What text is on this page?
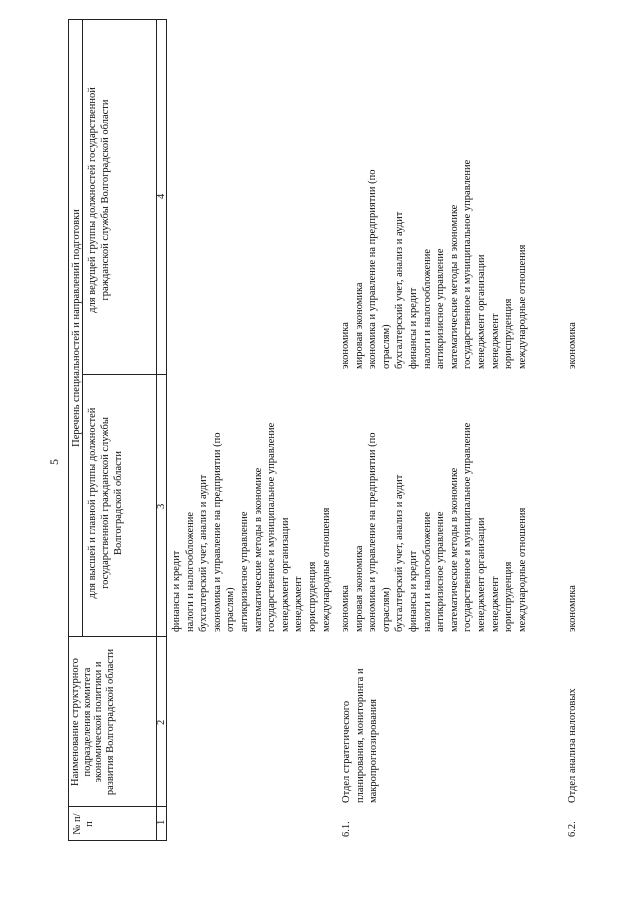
5
№ п/п
Наименование структурного подразделения комитета экономической политики и развития Волгоградской области
Перечень специальностей и направлений подготовки
для высшей и главной группы должностей государственной гражданской службы Волгоградской области
для ведущей группы должностей государственной гражданской службы Волгоградской области
1
2
3
4
финансы и кредит налоги и налогообложение бухгалтерский учет, анализ и аудит экономика и управление на предприятии (по отраслям) антикризисное управление математические методы в экономике государственное и муниципальное управление менеджмент организации менеджмент юриспруденция международные отношения
6.1.
Отдел стратегического планирования, мониторинга и макропрогнозирования
экономика мировая экономика экономика и управление на предприятии (по отраслям) бухгалтерский учет, анализ и аудит финансы и кредит налоги и налогообложение антикризисное управление математические методы в экономике государственное и муниципальное управление менеджмент организации менеджмент юриспруденция международные отношения
экономика мировая экономика экономика и управление на предприятии (по отраслям) бухгалтерский учет, анализ и аудит финансы и кредит налоги и налогообложение антикризисное управление математические методы в экономике государственное и муниципальное управление менеджмент организации менеджмент юриспруденция международные отношения
6.2.
Отдел анализа налоговых
экономика
экономика
